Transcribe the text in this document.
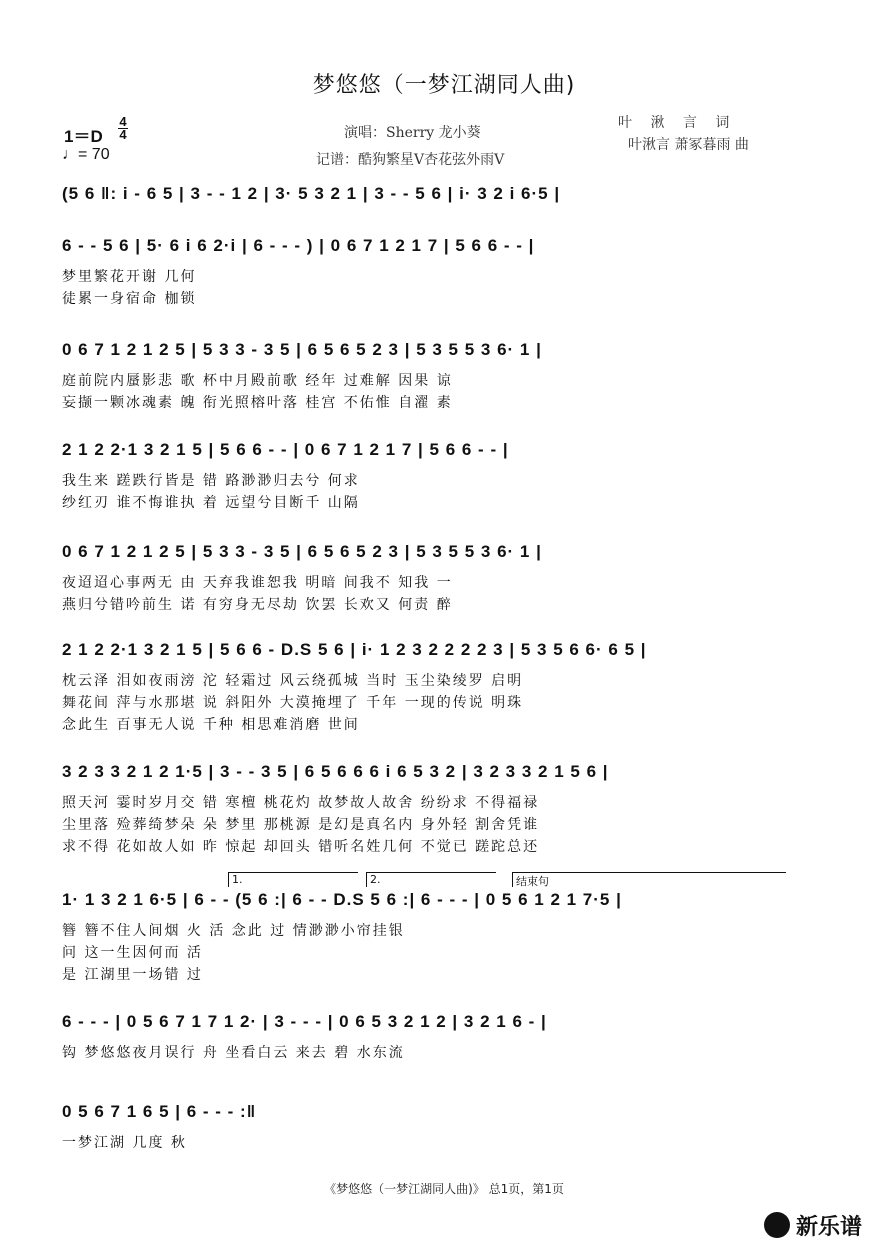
梦悠悠（一梦江湖同人曲)
1＝D
4
4
♩= 70
演唱：Sherry 龙小葵
记谱：酷狗繁星V杏花弦外雨V
叶 湫 言 词
叶湫言 萧冢暮雨 曲
(5 6 ‖: i - 6 5 | 3 - - 1 2 | 3· 5 3 2 1 | 3 - - 5 6 | i· 3 2 i 6·5 |
6 - - 5 6 | 5· 6 i 6 2·i | 6 - - - ) | 0 6 7 1 2 1 7 | 5 6 6 - - |
梦里繁花开谢 几何
徒累一身宿命 枷锁
0 6 7 1 2 1 2 5 | 5 3 3 - 3 5 | 6 5 6 5 2 3 | 5 3 5 5 3 6· 1 |
庭前院内蜃影悲 歌 杯中月殿前歌 经年 过难解 因果 谅
妄撷一颗冰魂素 魄 衔光照榕叶落 桂宫 不佑惟 自濯 素
2 1 2 2·1 3 2 1 5 | 5 6 6 - - | 0 6 7 1 2 1 7 | 5 6 6 - - |
我生来 蹉跌行皆是 错 路渺渺归去兮 何求
纱红刃 谁不悔谁执 着 远望兮目断千 山隔
0 6 7 1 2 1 2 5 | 5 3 3 - 3 5 | 6 5 6 5 2 3 | 5 3 5 5 3 6· 1 |
夜迢迢心事两无 由 天弃我谁恕我 明暗 间我不 知我 一
燕归兮错吟前生 诺 有穷身无尽劫 饮罢 长欢又 何责 醉
2 1 2 2·1 3 2 1 5 | 5 6 6 - D.S 5 6 | i· 1 2 3 2 2 2 2 3 | 5 3 5 6 6· 6 5 |
枕云泽 泪如夜雨滂 沱 轻霜过 风云绕孤城 当时 玉尘染绫罗 启明
舞花间 萍与水那堪 说 斜阳外 大漠掩埋了 千年 一现的传说 明珠
念此生 百事无人说 千种 相思难消磨 世间
3 2 3 3 2 1 2 1·5 | 3 - - 3 5 | 6 5 6 6 6 i 6 5 3 2 | 3 2 3 3 2 1 5 6 |
照天河 霎时岁月交 错 寒檀 桃花灼 故梦故人故舍 纷纷求 不得福禄
尘里落 殓葬绮梦朵 朵 梦里 那桃源 是幻是真名内 身外轻 割舍凭谁
求不得 花如故人如 昨 惊起 却回头 错听名姓几何 不觉已 蹉跎总还
1· 1 3 2 1 6·5 | 6 - - (5 6 :| 6 - - D.S 5 6 :| 6 - - - | 0 5 6 1 2 1 7·5 |
1.	2.	结束句
簪 簪不住人间烟 火 活 念此 过 情渺渺小帘挂银
问 这一生因何而 活
是 江湖里一场错 过
6 - - - | 0 5 6 7 1 7 1 2· | 3 - - - | 0 6 5 3 2 1 2 | 3 2 1 6 - |
钩 梦悠悠夜月误行 舟 坐看白云 来去 碧 水东流
0 5 6 7 1 6 5 | 6 - - - :‖
一梦江湖 几度 秋
《梦悠悠（一梦江湖同人曲)》 总1页，第1页
新乐谱
